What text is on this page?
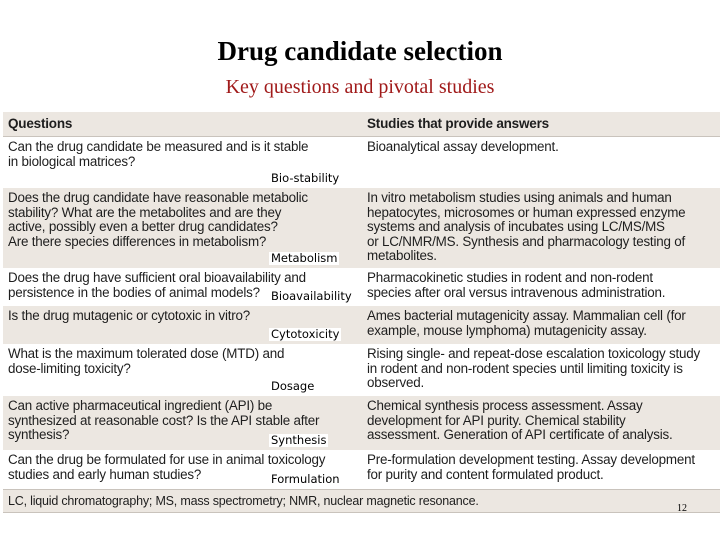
Drug candidate selection
Key questions and pivotal studies
Questions	Studies that provide answers
Can the drug candidate be measured and is it stable
in biological matrices?
Bioanalytical assay development.
Bio-stability
Does the drug candidate have reasonable metabolic
stability? What are the metabolites and are they
active, possibly even a better drug candidates?
Are there species differences in metabolism?
In vitro metabolism studies using animals and human
hepatocytes, microsomes or human expressed enzyme
systems and analysis of incubates using LC/MS/MS
or LC/NMR/MS. Synthesis and pharmacology testing of
metabolites.
Metabolism
Does the drug have sufficient oral bioavailability and
persistence in the bodies of animal models?
Pharmacokinetic studies in rodent and non-rodent
species after oral versus intravenous administration.
Bioavailability
Is the drug mutagenic or cytotoxic in vitro?	Ames bacterial mutagenicity assay. Mammalian cell (for
example, mouse lymphoma) mutagenicity assay.
Cytotoxicity
What is the maximum tolerated dose (MTD) and
dose-limiting toxicity?
Rising single- and repeat-dose escalation toxicology study
in rodent and non-rodent species until limiting toxicity is
observed.
Dosage
Can active pharmaceutical ingredient (API) be
synthesized at reasonable cost? Is the API stable after
synthesis?
Chemical synthesis process assessment. Assay
development for API purity. Chemical stability
assessment. Generation of API certificate of analysis.
Synthesis
Can the drug be formulated for use in animal toxicology
studies and early human studies?
Pre-formulation development testing. Assay development
for purity and content formulated product.
Formulation
LC, liquid chromatography; MS, mass spectrometry; NMR, nuclear magnetic resonance.
12
